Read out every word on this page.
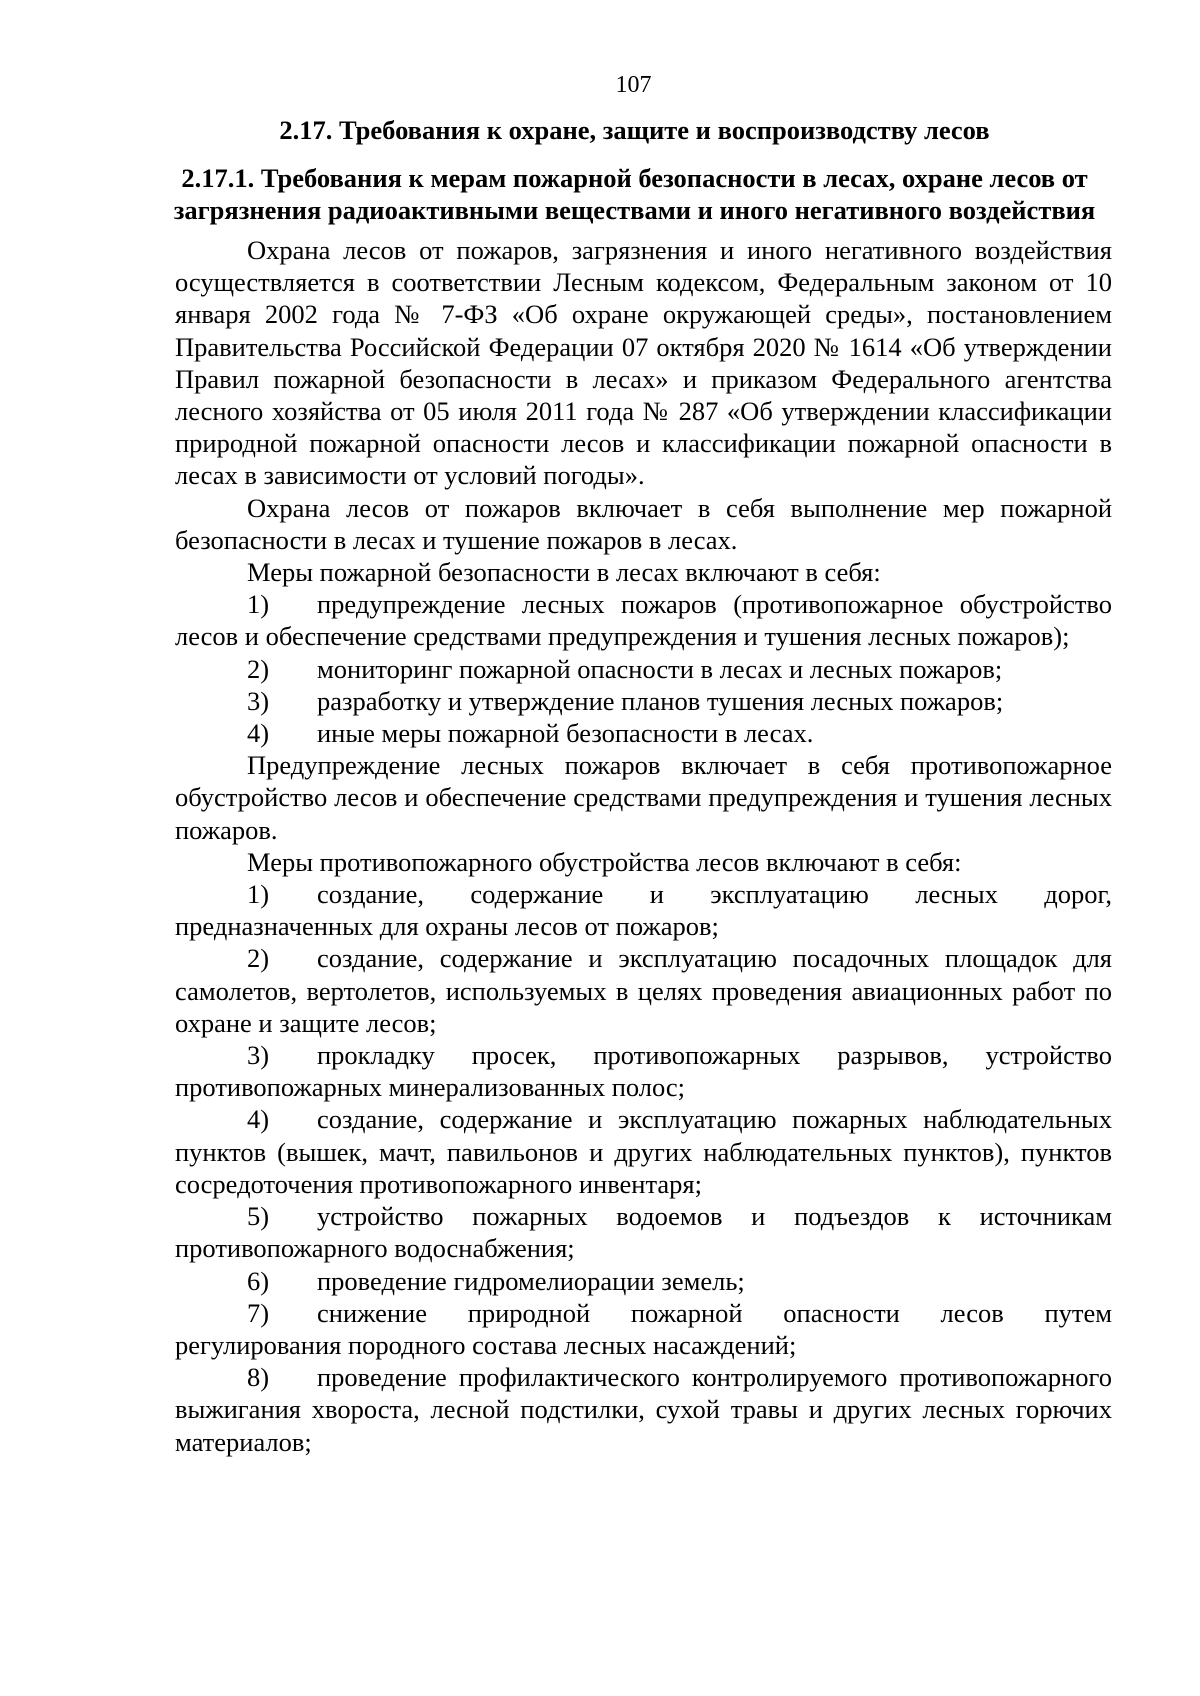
107
2.17. Требования к охране, защите и воспроизводству лесов
2.17.1. Требования к мерам пожарной безопасности в лесах, охране лесов от загрязнения радиоактивными веществами и иного негативного воздействия

Охрана лесов от пожаров, загрязнения и иного негативного воздействия осуществляется в соответствии Лесным кодексом, Федеральным законом от 10 января 2002 года № 7-ФЗ «Об охране окружающей среды», постановлением Правительства Российской Федерации 07 октября 2020 № 1614 «Об утверждении Правил пожарной безопасности в лесах» и приказом Федерального агентства лесного хозяйства от 05 июля 2011 года № 287 «Об утверждении классификации природной пожарной опасности лесов и классификации пожарной опасности в лесах в зависимости от условий погоды».

Охрана лесов от пожаров включает в себя выполнение мер пожарной безопасности в лесах и тушение пожаров в лесах.

Меры пожарной безопасности в лесах включают в себя:

1) предупреждение лесных пожаров (противопожарное обустройство лесов и обеспечение средствами предупреждения и тушения лесных пожаров);
2) мониторинг пожарной опасности в лесах и лесных пожаров;
3) разработку и утверждение планов тушения лесных пожаров;
4) иные меры пожарной безопасности в лесах.

Предупреждение лесных пожаров включает в себя противопожарное обустройство лесов и обеспечение средствами предупреждения и тушения лесных пожаров.

Меры противопожарного обустройства лесов включают в себя:

1) создание, содержание и эксплуатацию лесных дорог, предназначенных для охраны лесов от пожаров;
2) создание, содержание и эксплуатацию посадочных площадок для самолетов, вертолетов, используемых в целях проведения авиационных работ по охране и защите лесов;
3) прокладку просек, противопожарных разрывов, устройство противопожарных минерализованных полос;
4) создание, содержание и эксплуатацию пожарных наблюдательных пунктов (вышек, мачт, павильонов и других наблюдательных пунктов), пунктов сосредоточения противопожарного инвентаря;
5) устройство пожарных водоемов и подъездов к источникам противопожарного водоснабжения;
6) проведение гидромелиорации земель;
7) снижение природной пожарной опасности лесов путем регулирования породного состава лесных насаждений;
8) проведение профилактического контролируемого противопожарного выжигания хвороста, лесной подстилки, сухой травы и других лесных горючих материалов;
